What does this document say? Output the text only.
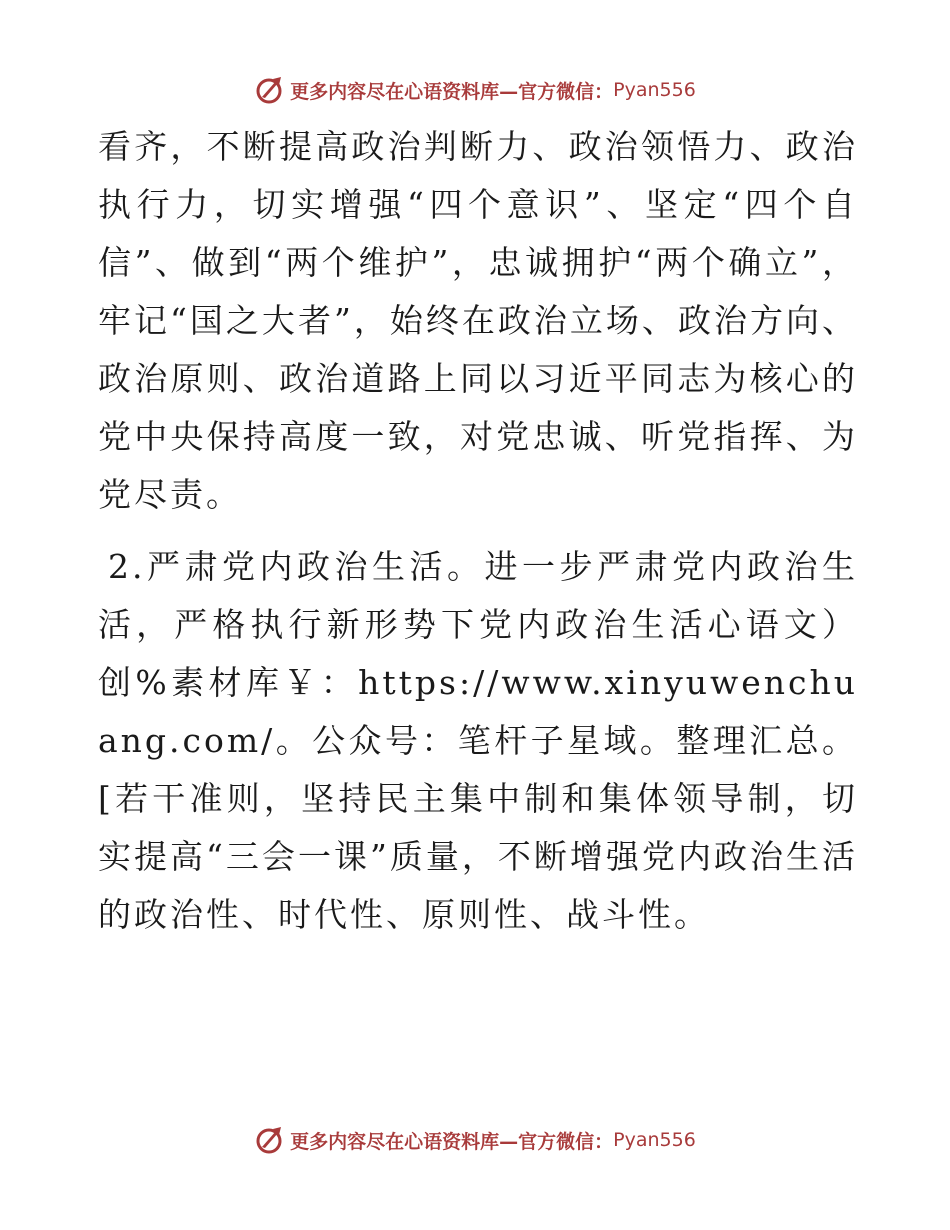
更多内容尽在心语资料库—官方微信： Pyan556

看齐，不断提高政治判断力、政治领悟力、政治执行力，切实增强“四个意识”、坚定“四个自信”、做到“两个维护”，忠诚拥护“两个确立”，牢记“国之大者”，始终在政治立场、政治方向、政治原则、政治道路上同以习近平同志为核心的党中央保持高度一致，对党忠诚、听党指挥、为党尽责。

2.严肃党内政治生活。进一步严肃党内政治生活，严格执行新形势下党内政治生活心语文）创%素材库￥：https://www.xinyuwenchuang.com/。公众号：笔杆子星域。整理汇总。[若干准则，坚持民主集中制和集体领导制，切实提高“三会一课”质量，不断增强党内政治生活的政治性、时代性、原则性、战斗性。

更多内容尽在心语资料库—官方微信： Pyan556
